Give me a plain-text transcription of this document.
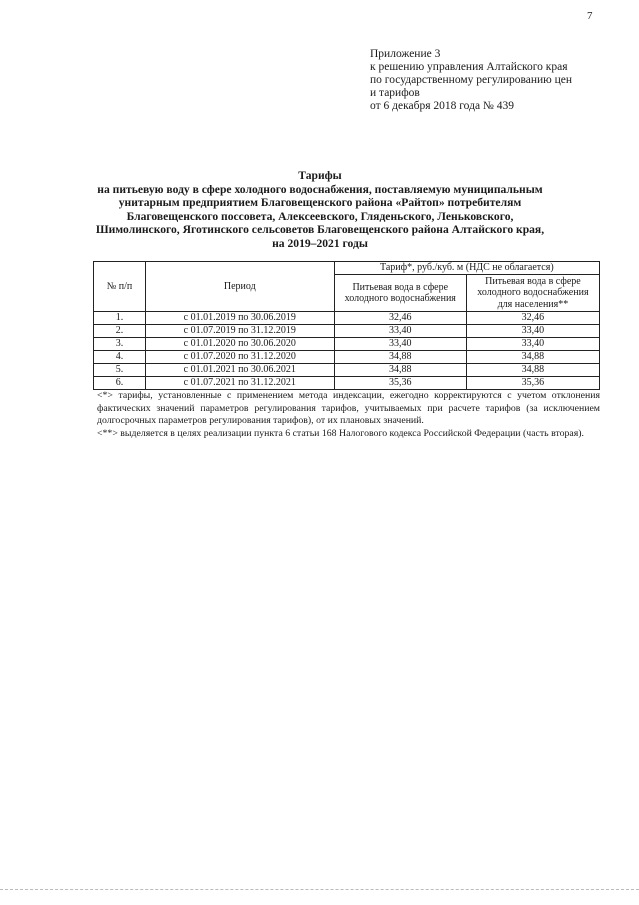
7
Приложение 3
к решению управления Алтайского края
по государственному регулированию цен
и тарифов
от 6 декабря 2018 года № 439
Тарифы
на питьевую воду в сфере холодного водоснабжения, поставляемую муниципальным
унитарным предприятием Благовещенского района «Райтоп» потребителям
Благовещенского поссовета, Алексеевского, Гляденьского, Леньковского,
Шимолинского, Яготинского сельсоветов Благовещенского района Алтайского края,
на 2019–2021 годы
№ п/п	Период	Тариф*, руб./куб. м (НДС не облагается)	
		Питьевая вода в сфере холодного водоснабжения	Питьевая вода в сфере холодного водоснабжения для населения**
1.	с 01.01.2019 по 30.06.2019	32,46	32,46
2.	с 01.07.2019 по 31.12.2019	33,40	33,40
3.	с 01.01.2020 по 30.06.2020	33,40	33,40
4.	с 01.07.2020 по 31.12.2020	34,88	34,88
5.	с 01.01.2021 по 30.06.2021	34,88	34,88
6.	с 01.07.2021 по 31.12.2021	35,36	35,36

<*> тарифы, установленные с применением метода индексации, ежегодно корректируются с учетом отклонения фактических значений параметров регулирования тарифов, учитываемых при расчете тарифов (за исключением долгосрочных параметров регулирования тарифов), от их плановых значений.

<**> выделяется в целях реализации пункта 6 статьи 168 Налогового кодекса Российской Федерации (часть вторая).
